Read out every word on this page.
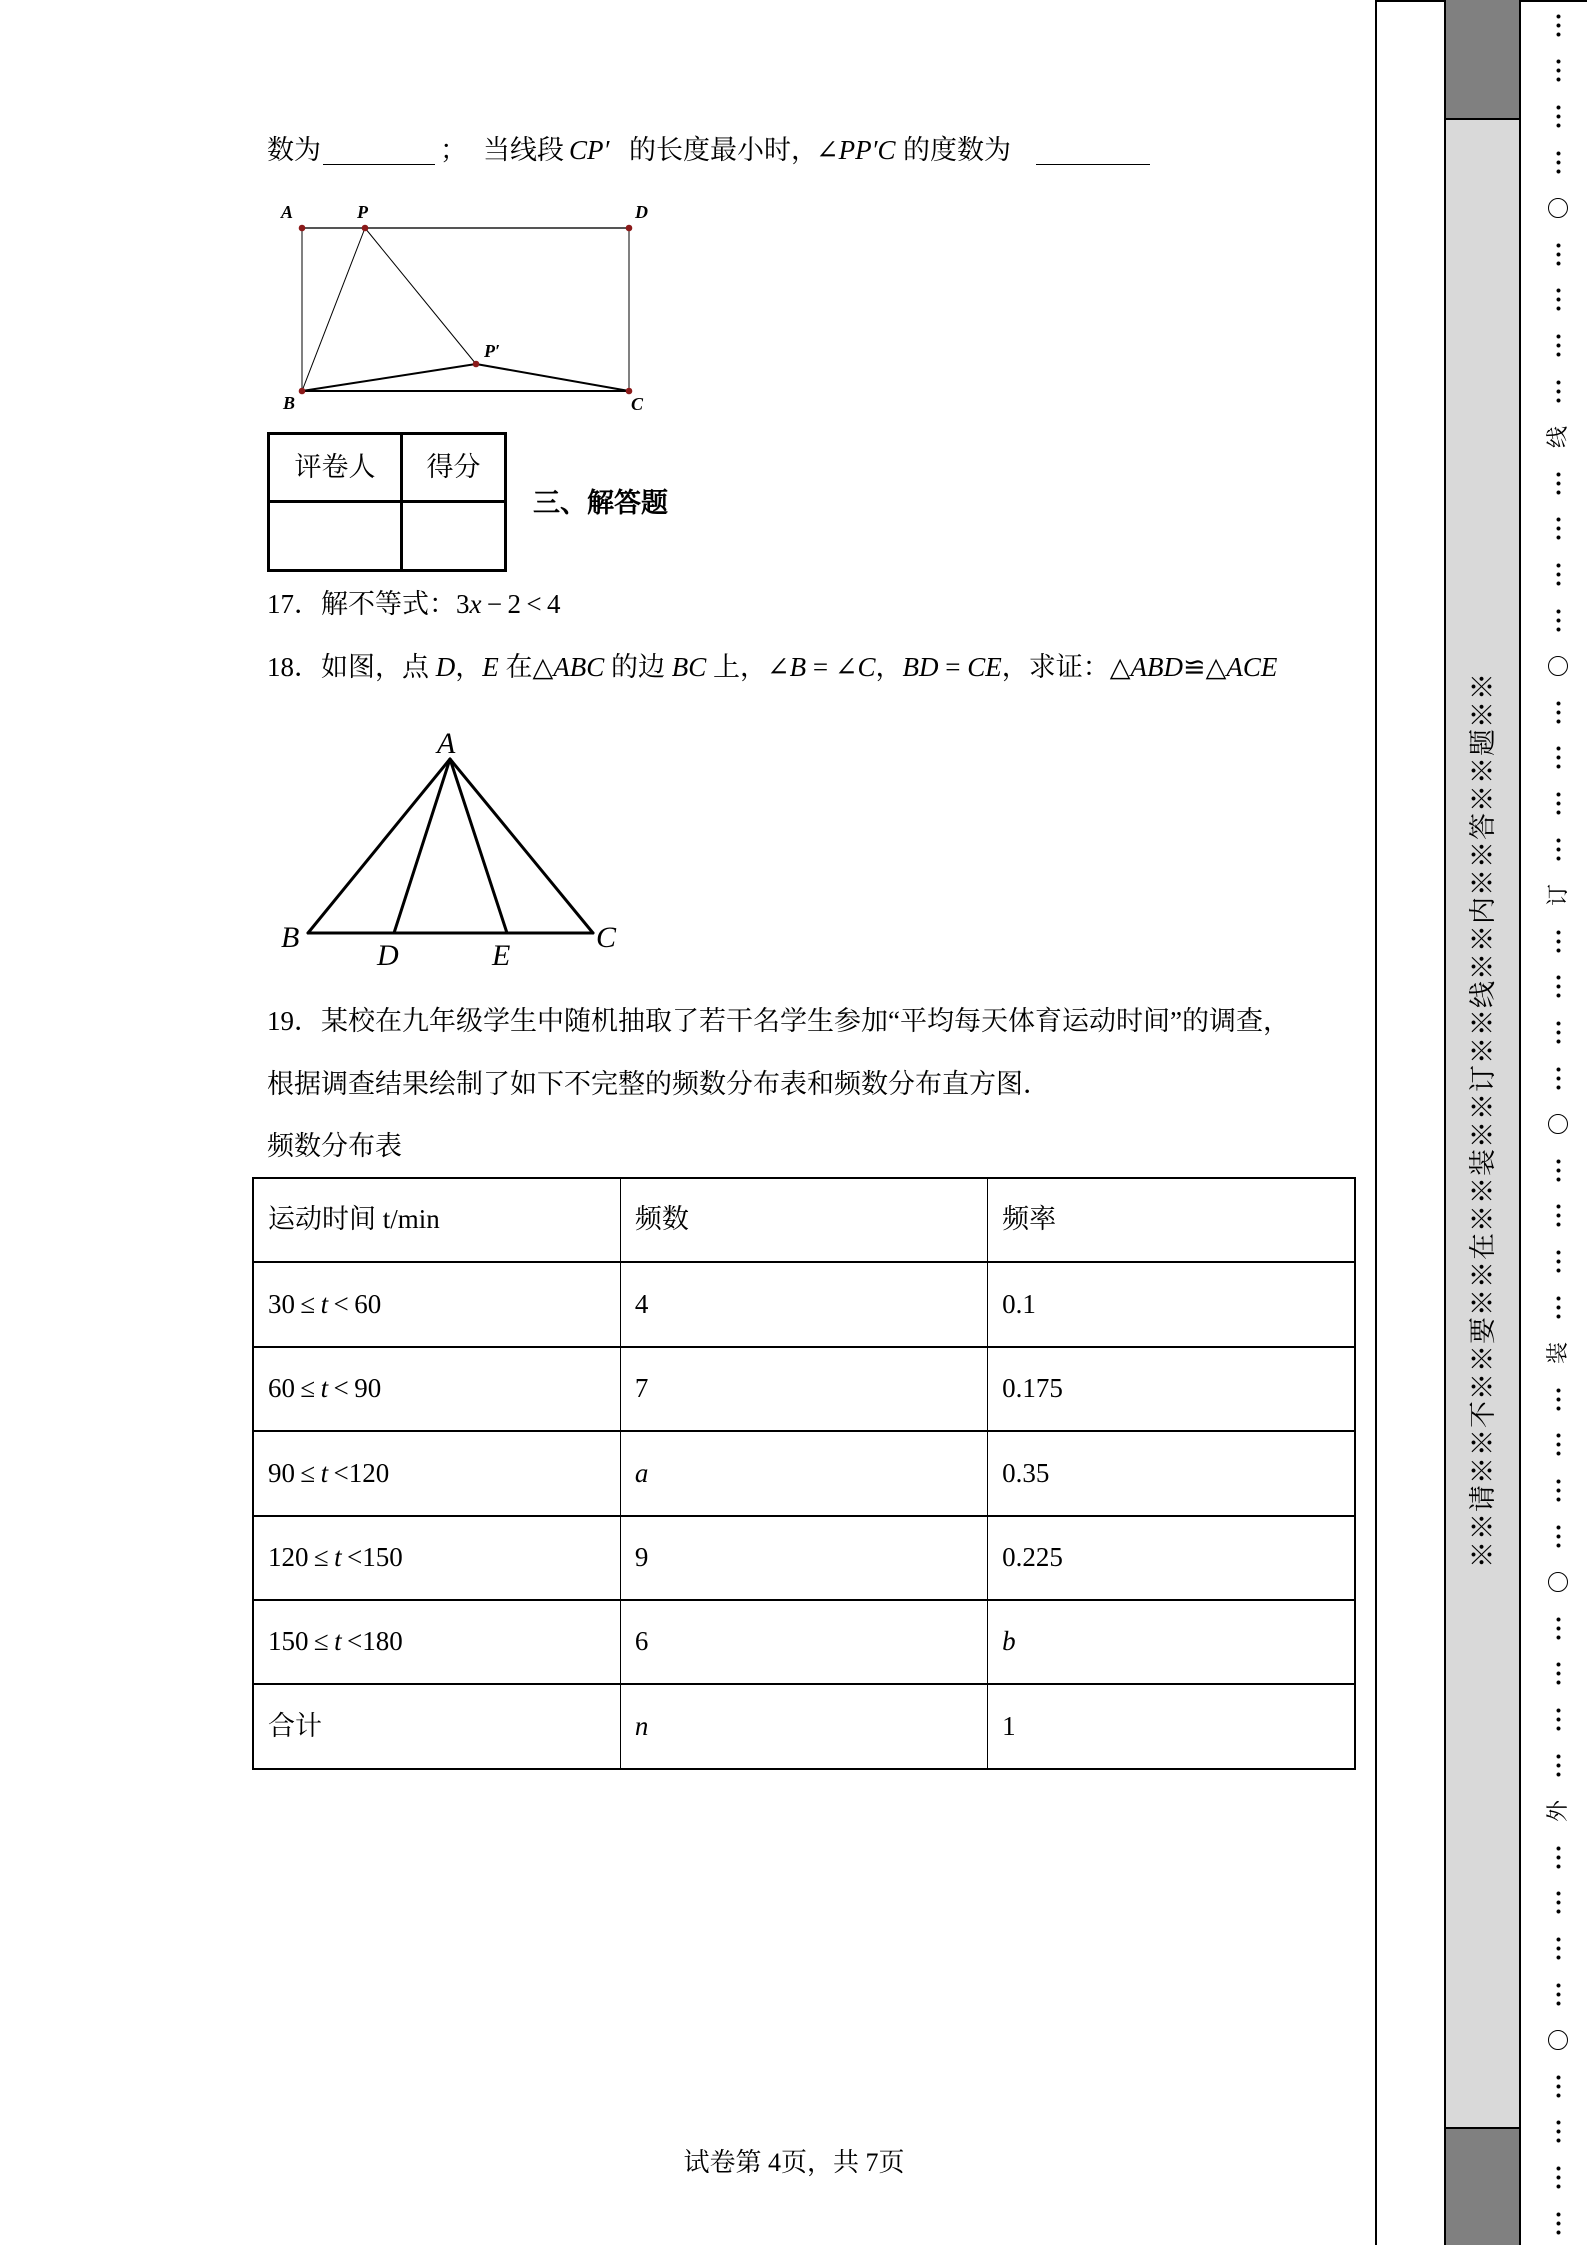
数为	； 当线段 CP′ 的长度最小时，
∠PP′C 的度数为
A	P	D
P′
B	C
评卷人	得分
三、解答题
17．解不等式：3x − 2 < 4
18．如图，点 D，E 在△ABC 的边 BC 上，∠B = ∠C，BD = CE，求证：△ABD≌△ACE
A
B
D	E
C
19．某校在九年级学生中随机抽取了若干名学生参加“平均每天体育运动时间”的调查，
根据调查结果绘制了如下不完整的频数分布表和频数分布直方图．
频数分布表
运动时间 t/min	频数	频率
30 ≤ t < 60	4	0.1
60 ≤ t < 90	7	0.175
90 ≤ t <120	a	0.35
120 ≤ t <150	9	0.225
150 ≤ t <180	6	b
合计	n	1
试卷第 4页，共 7页
※※请※※不※※要※※在※※装※※订※※线※※内※※答※※题※※
线
订
装
外
